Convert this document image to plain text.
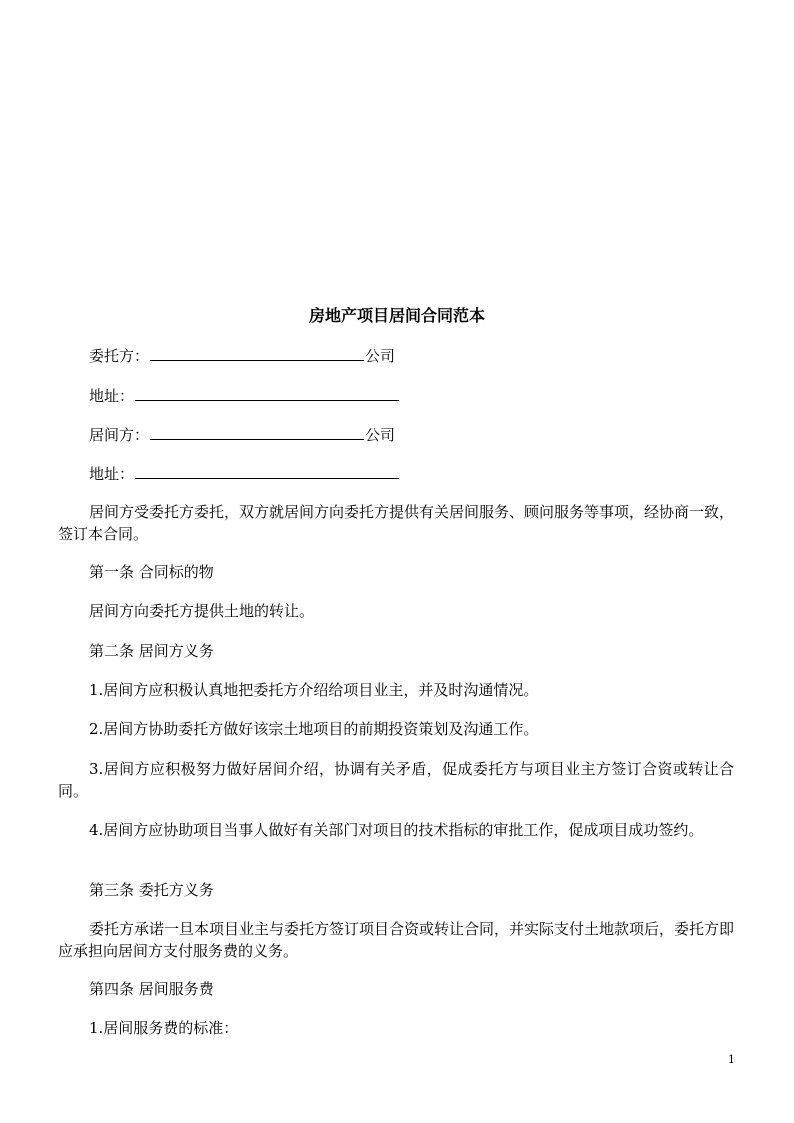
房地产项目居间合同范本
委托方：	公司
地址：
居间方：	公司
地址：
居间方受委托方委托，双方就居间方向委托方提供有关居间服务、顾问服务等事项，经协商一致，签订本合同。
第一条 合同标的物
居间方向委托方提供土地的转让。
第二条 居间方义务
1.居间方应积极认真地把委托方介绍给项目业主，并及时沟通情况。
2.居间方协助委托方做好该宗土地项目的前期投资策划及沟通工作。
3.居间方应积极努力做好居间介绍，协调有关矛盾，促成委托方与项目业主方签订合资或转让合同。
4.居间方应协助项目当事人做好有关部门对项目的技术指标的审批工作，促成项目成功签约。
第三条 委托方义务
委托方承诺一旦本项目业主与委托方签订项目合资或转让合同，并实际支付土地款项后，委托方即应承担向居间方支付服务费的义务。
第四条 居间服务费
1.居间服务费的标准：
1
